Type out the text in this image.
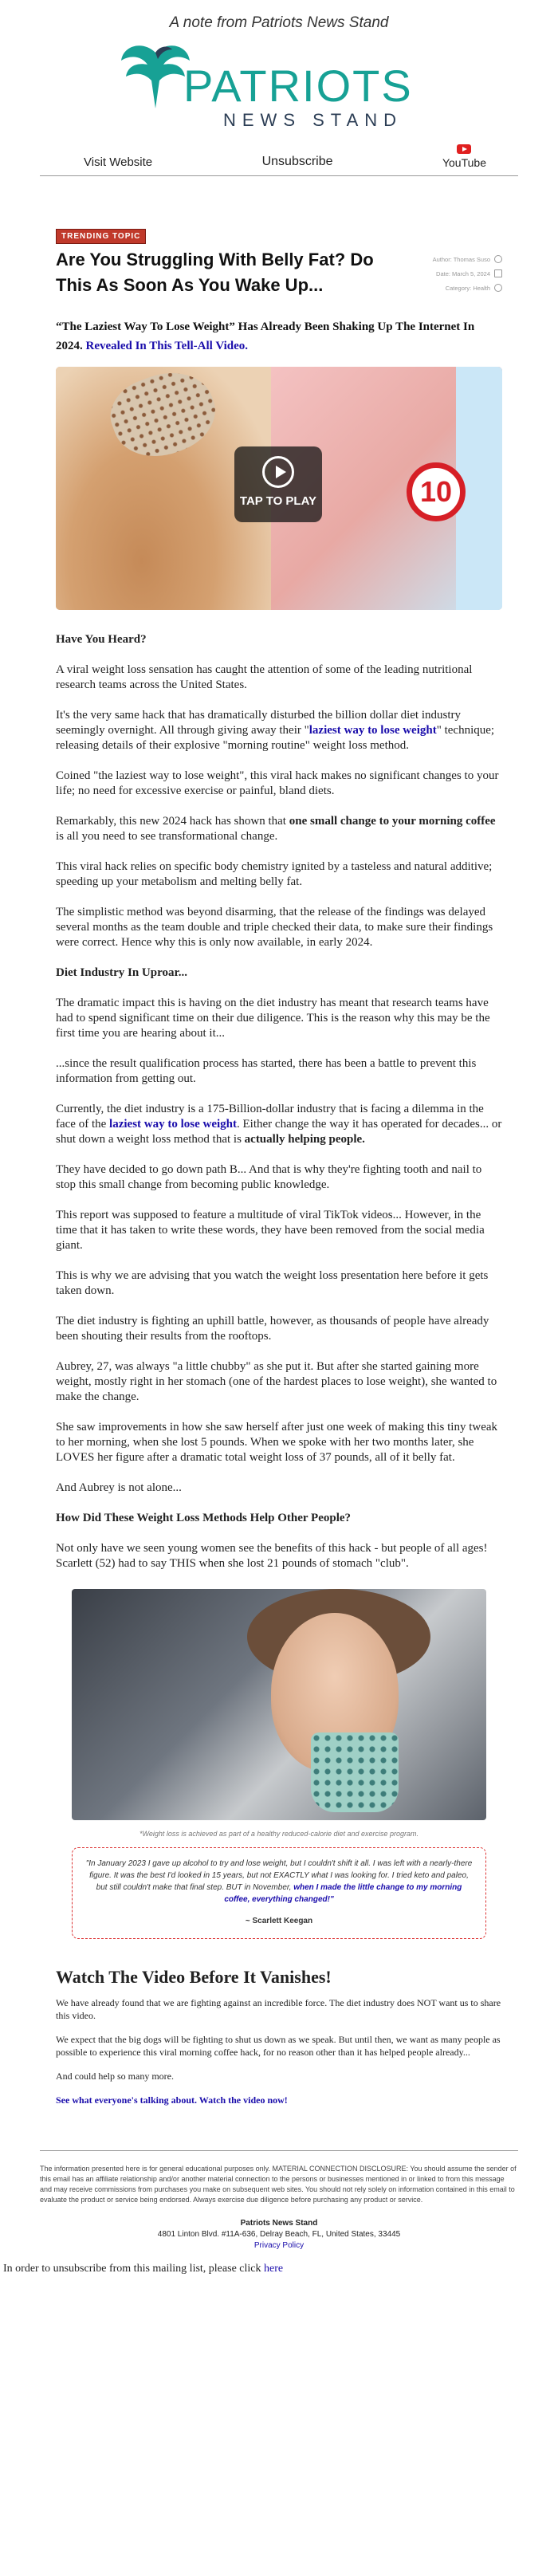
A note from Patriots News Stand
PATRIOTS
NEWS STAND
Visit Website	Unsubscribe	YouTube
TRENDING TOPIC
Are You Struggling With Belly Fat? Do This As Soon As You Wake Up...
Author: Thomas Suso
Date: March 5, 2024
Category: Health
“The Laziest Way To Lose Weight” Has Already Been Shaking Up The Internet In 2024. Revealed In This Tell-All Video.
TAP TO PLAY	10
Have You Heard?

A viral weight loss sensation has caught the attention of some of the leading nutritional research teams across the United States.

It's the very same hack that has dramatically disturbed the billion dollar diet industry seemingly overnight. All through giving away their "laziest way to lose weight" technique; releasing details of their explosive "morning routine" weight loss method.

Coined "the laziest way to lose weight", this viral hack makes no significant changes to your life; no need for excessive exercise or painful, bland diets.

Remarkably, this new 2024 hack has shown that one small change to your morning coffee is all you need to see transformational change.

This viral hack relies on specific body chemistry ignited by a tasteless and natural additive; speeding up your metabolism and melting belly fat.

The simplistic method was beyond disarming, that the release of the findings was delayed several months as the team double and triple checked their data, to make sure their findings were correct. Hence why this is only now available, in early 2024.

Diet Industry In Uproar...

The dramatic impact this is having on the diet industry has meant that research teams have had to spend significant time on their due diligence. This is the reason why this may be the first time you are hearing about it...

...since the result qualification process has started, there has been a battle to prevent this information from getting out.

Currently, the diet industry is a 175-Billion-dollar industry that is facing a dilemma in the face of the laziest way to lose weight. Either change the way it has operated for decades... or shut down a weight loss method that is actually helping people.

They have decided to go down path B... And that is why they're fighting tooth and nail to stop this small change from becoming public knowledge.

This report was supposed to feature a multitude of viral TikTok videos... However, in the time that it has taken to write these words, they have been removed from the social media giant.

This is why we are advising that you watch the weight loss presentation here before it gets taken down.

The diet industry is fighting an uphill battle, however, as thousands of people have already been shouting their results from the rooftops.

Aubrey, 27, was always "a little chubby" as she put it. But after she started gaining more weight, mostly right in her stomach (one of the hardest places to lose weight), she wanted to make the change.

She saw improvements in how she saw herself after just one week of making this tiny tweak to her morning, when she lost 5 pounds. When we spoke with her two months later, she LOVES her figure after a dramatic total weight loss of 37 pounds, all of it belly fat.

And Aubrey is not alone...

How Did These Weight Loss Methods Help Other People?

Not only have we seen young women see the benefits of this hack - but people of all ages! Scarlett (52) had to say THIS when she lost 21 pounds of stomach "club".

*Weight loss is achieved as part of a healthy reduced-calorie diet and exercise program.
"In January 2023 I gave up alcohol to try and lose weight, but I couldn't shift it all. I was left with a nearly-there figure. It was the best I'd looked in 15 years, but not EXACTLY what I was looking for. I tried keto and paleo, but still couldn't make that final step. BUT in November, when I made the little change to my morning coffee, everything changed!"
~ Scarlett Keegan
Watch The Video Before It Vanishes!

We have already found that we are fighting against an incredible force. The diet industry does NOT want us to share this video.

We expect that the big dogs will be fighting to shut us down as we speak. But until then, we want as many people as possible to experience this viral morning coffee hack, for no reason other than it has helped people already...

And could help so many more.

See what everyone's talking about. Watch the video now!

The information presented here is for general educational purposes only. MATERIAL CONNECTION DISCLOSURE: You should assume the sender of this email has an affiliate relationship and/or another material connection to the persons or businesses mentioned in or linked to from this message and may receive commissions from purchases you make on subsequent web sites. You should not rely solely on information contained in this email to evaluate the product or service being endorsed. Always exercise due diligence before purchasing any product or service.
Patriots News Stand
4801 Linton Blvd. #11A-636, Delray Beach, FL, United States, 33445
Privacy Policy
In order to unsubscribe from this mailing list, please click here
